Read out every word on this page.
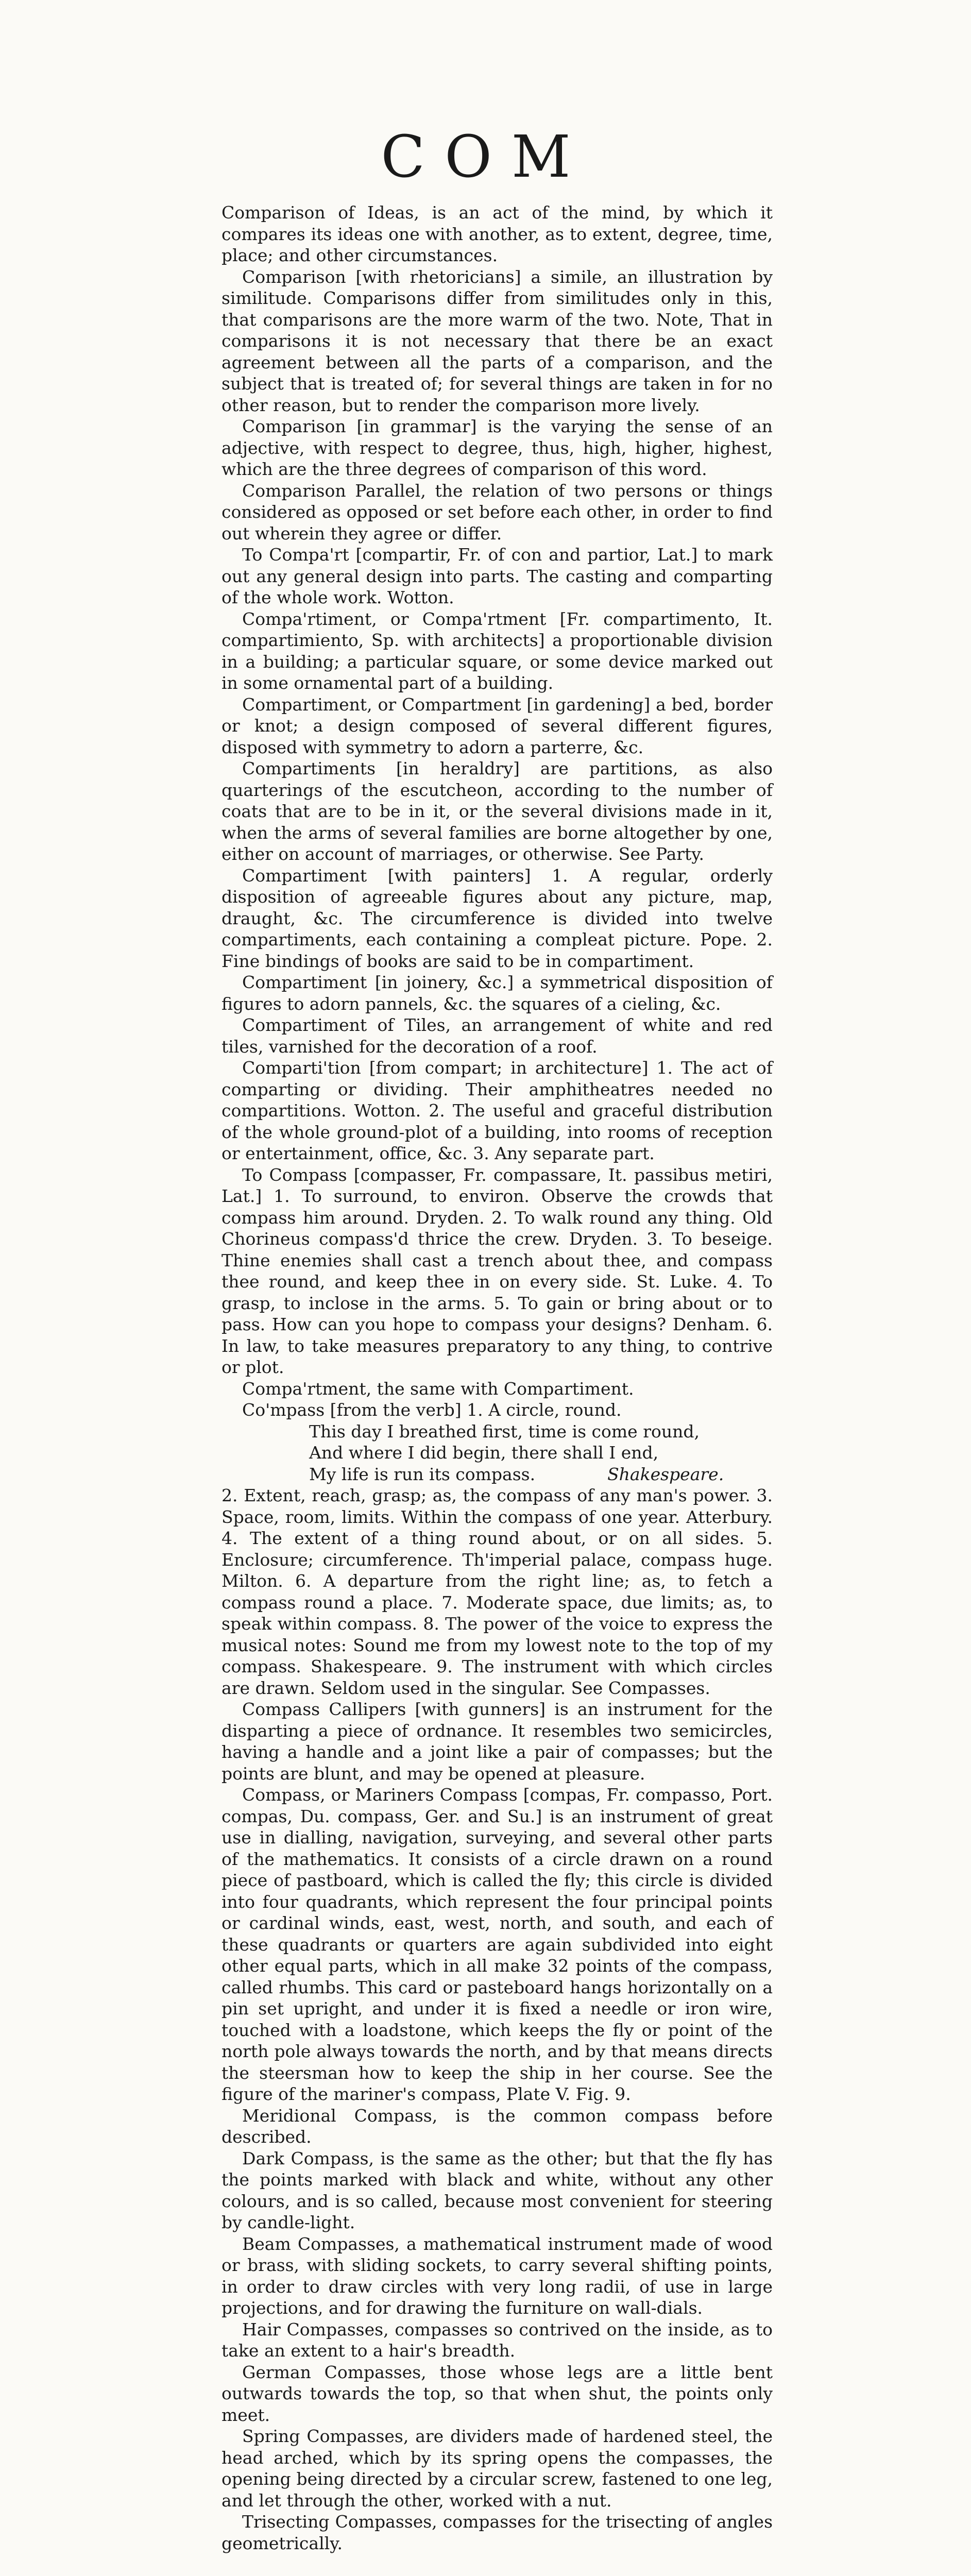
COM

Comparison of Ideas, is an act of the mind, by which it compares its ideas one with another, as to extent, degree, time, place; and other circumstances.

Comparison [with rhetoricians] a simile, an illustration by similitude. Comparisons differ from similitudes only in this, that comparisons are the more warm of the two. Note, That in comparisons it is not necessary that there be an exact agreement between all the parts of a comparison, and the subject that is treated of; for several things are taken in for no other reason, but to render the comparison more lively.

Comparison [in grammar] is the varying the sense of an adjective, with respect to degree, thus, high, higher, highest, which are the three degrees of comparison of this word.

Comparison Parallel, the relation of two persons or things considered as opposed or set before each other, in order to find out wherein they agree or differ.

To Compa'rt [compartir, Fr. of con and partior, Lat.] to mark out any general design into parts. The casting and comparting of the whole work. Wotton.

Compa'rtiment, or Compa'rtment [Fr. compartimento, It. compartimiento, Sp. with architects] a proportionable division in a building; a particular square, or some device marked out in some ornamental part of a building.

Compartiment, or Compartment [in gardening] a bed, border or knot; a design composed of several different figures, disposed with symmetry to adorn a parterre, &c.

Compartiments [in heraldry] are partitions, as also quarterings of the escutcheon, according to the number of coats that are to be in it, or the several divisions made in it, when the arms of several families are borne altogether by one, either on account of marriages, or otherwise. See Party.

Compartiment [with painters] 1. A regular, orderly disposition of agreeable figures about any picture, map, draught, &c. The circumference is divided into twelve compartiments, each containing a compleat picture. Pope. 2. Fine bindings of books are said to be in compartiment.

Compartiment [in joinery, &c.] a symmetrical disposition of figures to adorn pannels, &c. the squares of a cieling, &c.

Compartiment of Tiles, an arrangement of white and red tiles, varnished for the decoration of a roof.

Comparti'tion [from compart; in architecture] 1. The act of comparting or dividing. Their amphitheatres needed no compartitions. Wotton. 2. The useful and graceful distribution of the whole ground-plot of a building, into rooms of reception or entertainment, office, &c. 3. Any separate part.

To Compass [compasser, Fr. compassare, It. passibus metiri, Lat.] 1. To surround, to environ. Observe the crowds that compass him around. Dryden. 2. To walk round any thing. Old Chorineus compass'd thrice the crew. Dryden. 3. To beseige. Thine enemies shall cast a trench about thee, and compass thee round, and keep thee in on every side. St. Luke. 4. To grasp, to inclose in the arms. 5. To gain or bring about or to pass. How can you hope to compass your designs? Denham. 6. In law, to take measures preparatory to any thing, to contrive or plot.

Compa'rtment, the same with Compartiment.

Co'mpass [from the verb] 1. A circle, round.

This day I breathed first, time is come round,
And where I did begin, there shall I end,
My life is run its compass.	Shakespeare.

2. Extent, reach, grasp; as, the compass of any man's power. 3. Space, room, limits. Within the compass of one year. Atterbury. 4. The extent of a thing round about, or on all sides. 5. Enclosure; circumference. Th'imperial palace, compass huge. Milton. 6. A departure from the right line; as, to fetch a compass round a place. 7. Moderate space, due limits; as, to speak within compass. 8. The power of the voice to express the musical notes: Sound me from my lowest note to the top of my compass. Shakespeare. 9. The instrument with which circles are drawn. Seldom used in the singular. See Compasses.

Compass Callipers [with gunners] is an instrument for the disparting a piece of ordnance. It resembles two semicircles, having a handle and a joint like a pair of compasses; but the points are blunt, and may be opened at pleasure.

Compass, or Mariners Compass [compas, Fr. compasso, Port. compas, Du. compass, Ger. and Su.] is an instrument of great use in dialling, navigation, surveying, and several other parts of the mathematics. It consists of a circle drawn on a round piece of pastboard, which is called the fly; this circle is divided into four quadrants, which represent the four principal points or cardinal winds, east, west, north, and south, and each of these quadrants or quarters are again subdivided into eight other equal parts, which in all make 32 points of the compass, called rhumbs. This card or pasteboard hangs horizontally on a pin set upright, and under it is fixed a needle or iron wire, touched with a loadstone, which keeps the fly or point of the north pole always towards the north, and by that means directs the steersman how to keep the ship in her course. See the figure of the mariner's compass, Plate V. Fig. 9.

Meridional Compass, is the common compass before described.

Dark Compass, is the same as the other; but that the fly has the points marked with black and white, without any other colours, and is so called, because most convenient for steering by candle-light.

Beam Compasses, a mathematical instrument made of wood or brass, with sliding sockets, to carry several shifting points, in order to draw circles with very long radii, of use in large projections, and for drawing the furniture on wall-dials.

Hair Compasses, compasses so contrived on the inside, as to take an extent to a hair's breadth.

German Compasses, those whose legs are a little bent outwards towards the top, so that when shut, the points only meet.

Spring Compasses, are dividers made of hardened steel, the head arched, which by its spring opens the compasses, the opening being directed by a circular screw, fastened to one leg, and let through the other, worked with a nut.

Trisecting Compasses, compasses for the trisecting of angles geometrically.
